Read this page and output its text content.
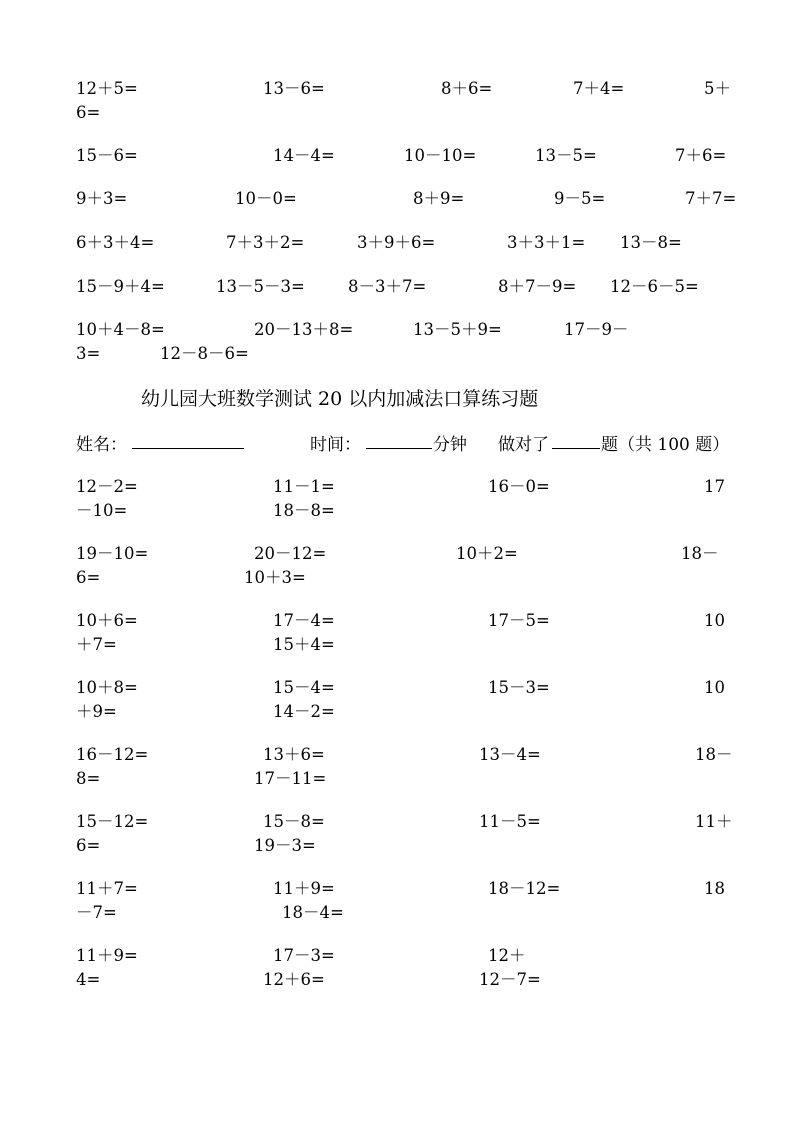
12＋5=	13－6=	8＋6=	7＋4=	5＋
6=
15－6=	14－4=	10－10=	13－5=	7＋6=
9＋3=	10－0=	8＋9=	9－5=	7＋7=
6＋3＋4=	7＋3＋2=	3＋9＋6=	3＋3＋1= 13－8=
15－9＋4=	13－5－3=	8－3＋7=	8＋7－9= 12－6－5=
10＋4－8=	20－13＋8=	13－5＋9=	17－9－
3=	12－8－6=
幼儿园大班数学测试 20 以内加减法口算练习题
姓名：	时间：	分钟 做对了	题（共 100 题）
12－2=	11－1=	16－0=	17
－10=	18－8=
19－10=	20－12=	10＋2=	18－
6=	10＋3=
10＋6=	17－4=	17－5=	10
＋7=	15＋4=
10＋8=	15－4=	15－3=	10
＋9=	14－2=
16－12=	13＋6=	13－4=	18－
8=	17－11=
15－12=	15－8=	11－5=	11＋
6=	19－3=
11＋7=	11＋9=	18－12=	18
－7=	18－4=
11＋9=	17－3=	12＋
4=	12＋6=	12－7=
